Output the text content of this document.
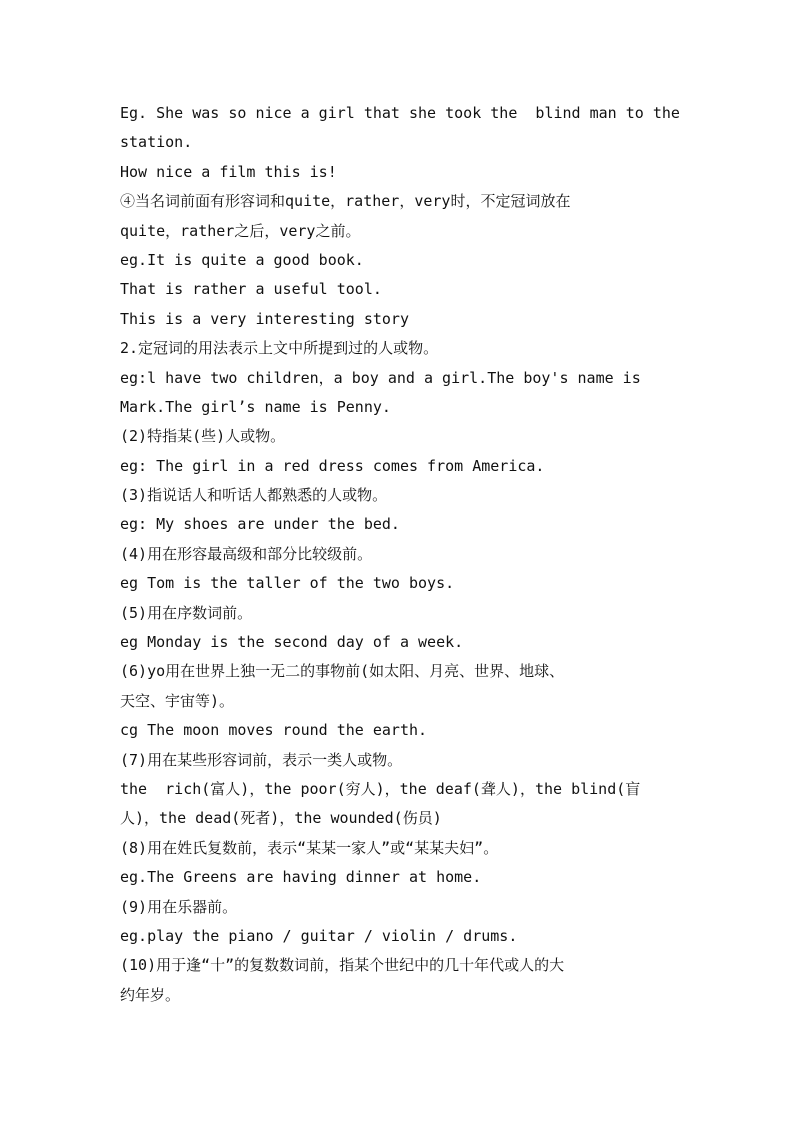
Eg. She was so nice a girl that she took the  blind man to the
station.
How nice a film this is!
④当名词前面有形容词和quite，rather，very时，不定冠词放在
quite，rather之后，very之前。
eg.It is quite a good book.
That is rather a useful tool.
This is a very interesting story
2.定冠词的用法表示上文中所提到过的人或物。
eg:l have two children，a boy and a girl.The boy's name is
Mark.The girl’s name is Penny.
(2)特指某(些)人或物。
eg: The girl in a red dress comes from America.
(3)指说话人和听话人都熟悉的人或物。
eg: My shoes are under the bed.
(4)用在形容最高级和部分比较级前。
eg Tom is the taller of the two boys.
(5)用在序数词前。
eg Monday is the second day of a week.
(6)yo用在世界上独一无二的事物前(如太阳、月亮、世界、地球、
天空、宇宙等)。
cg The moon moves round the earth.
(7)用在某些形容词前，表示一类人或物。
the  rich(富人)，the poor(穷人)，the deaf(聋人)，the blind(盲
人)，the dead(死者)，the wounded(伤员)
(8)用在姓氏复数前，表示“某某一家人”或“某某夫妇”。
eg.The Greens are having dinner at home.
(9)用在乐器前。
eg.play the piano / guitar / violin / drums.
(10)用于逢“十”的复数数词前，指某个世纪中的几十年代或人的大
约年岁。
